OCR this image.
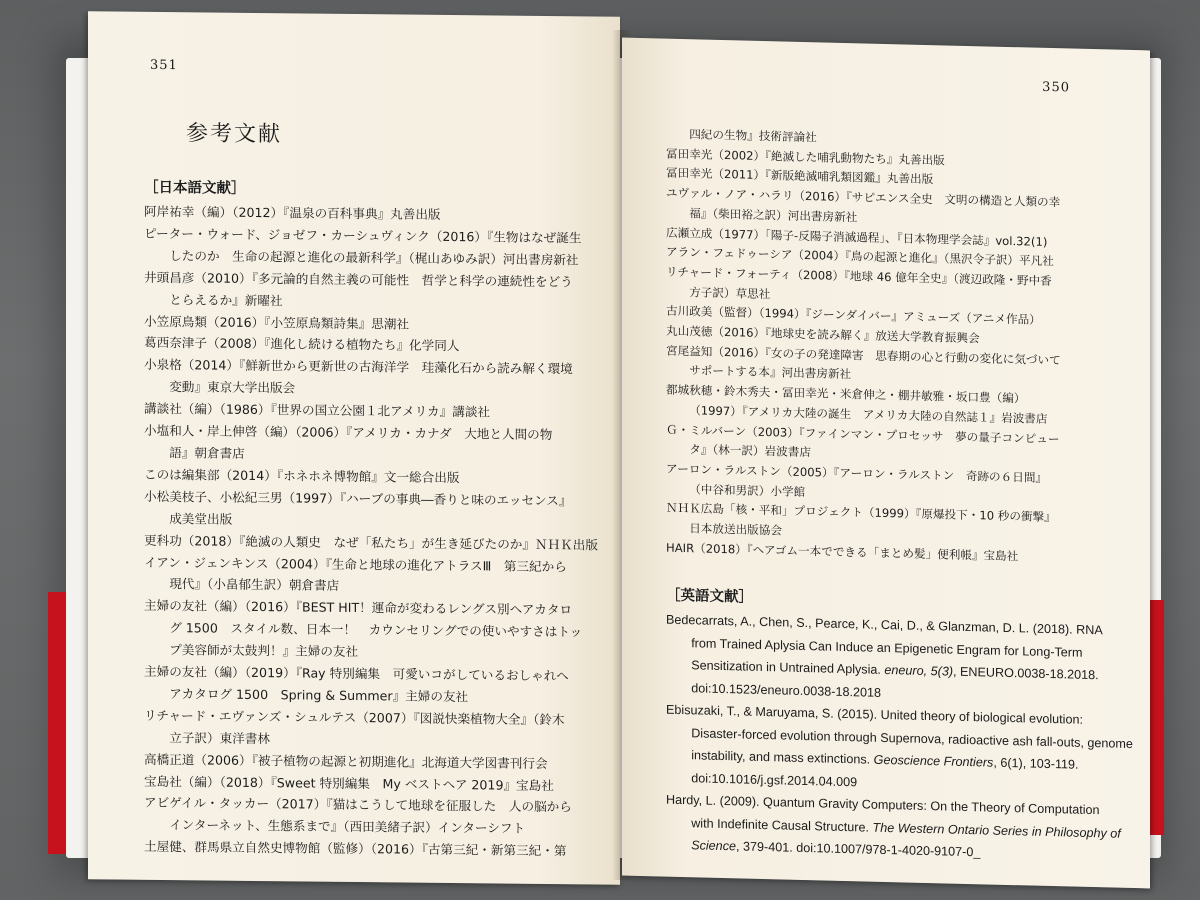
351
参考文献
［日本語文献］
阿岸祐幸（編）（2012）『温泉の百科事典』丸善出版
ピーター・ウォード、ジョゼフ・カーシュヴィンク（2016）『生物はなぜ誕生
したのか　生命の起源と進化の最新科学』（梶山あゆみ訳）河出書房新社
井頭昌彦（2010）『多元論的自然主義の可能性　哲学と科学の連続性をどう
とらえるか』新曜社
小笠原鳥類（2016）『小笠原鳥類詩集』思潮社
葛西奈津子（2008）『進化し続ける植物たち』化学同人
小泉格（2014）『鮮新世から更新世の古海洋学　珪藻化石から読み解く環境
変動』東京大学出版会
講談社（編）（1986）『世界の国立公園１北アメリカ』講談社
小塩和人・岸上伸啓（編）（2006）『アメリカ・カナダ　大地と人間の物
語』朝倉書店
このは編集部（2014）『ホネホネ博物館』文一総合出版
小松美枝子、小松紀三男（1997）『ハーブの事典―香りと味のエッセンス』
成美堂出版
更科功（2018）『絶滅の人類史　なぜ「私たち」が生き延びたのか』ＮＨＫ出版
イアン・ジェンキンス（2004）『生命と地球の進化アトラスⅢ　第三紀から
現代』（小畠郁生訳）朝倉書店
主婦の友社（編）（2016）『BEST HIT！運命が変わるレングス別ヘアカタロ
グ 1500　スタイル数、日本一！　カウンセリングでの使いやすさはトッ
プ美容師が太鼓判！』主婦の友社
主婦の友社（編）（2019）『Ray 特別編集　可愛いコがしているおしゃれヘ
アカタログ 1500　Spring & Summer』主婦の友社
リチャード・エヴァンズ・シュルテス（2007）『図説快楽植物大全』（鈴木
立子訳）東洋書林
高橋正道（2006）『被子植物の起源と初期進化』北海道大学図書刊行会
宝島社（編）（2018）『Sweet 特別編集　My ベストヘア 2019』宝島社
アビゲイル・タッカー（2017）『猫はこうして地球を征服した　人の脳から
インターネット、生態系まで』（西田美緒子訳）インターシフト
土屋健、群馬県立自然史博物館（監修）（2016）『古第三紀・新第三紀・第
350
四紀の生物』技術評論社
冨田幸光（2002）『絶滅した哺乳動物たち』丸善出版
冨田幸光（2011）『新版絶滅哺乳類図鑑』丸善出版
ユヴァル・ノア・ハラリ（2016）『サピエンス全史　文明の構造と人類の幸
福』（柴田裕之訳）河出書房新社
広瀬立成（1977）「陽子-反陽子消滅過程」、『日本物理学会誌』vol.32(1)
アラン・フェドゥーシア（2004）『鳥の起源と進化』（黒沢令子訳）平凡社
リチャード・フォーティ（2008）『地球 46 億年全史』（渡辺政隆・野中香
方子訳）草思社
古川政美（監督）（1994）『ジーンダイバー』アミューズ（アニメ作品）
丸山茂徳（2016）『地球史を読み解く』放送大学教育振興会
宮尾益知（2016）『女の子の発達障害　思春期の心と行動の変化に気づいて
サポートする本』河出書房新社
都城秋穂・鈴木秀夫・冨田幸光・米倉伸之・棚井敏雅・坂口豊（編）
（1997）『アメリカ大陸の誕生　アメリカ大陸の自然誌１』岩波書店
Ｇ・ミルバーン（2003）『ファインマン・プロセッサ　夢の量子コンピュー
タ』（林一訳）岩波書店
アーロン・ラルストン（2005）『アーロン・ラルストン　奇跡の６日間』
（中谷和男訳）小学館
ＮＨＫ広島「核・平和」プロジェクト（1999）『原爆投下・10 秒の衝撃』
日本放送出版協会
HAIR（2018）『ヘアゴム一本でできる「まとめ髪」便利帳』宝島社
［英語文献］
Bedecarrats, A., Chen, S., Pearce, K., Cai, D., & Glanzman, D. L. (2018). RNA
from Trained Aplysia Can Induce an Epigenetic Engram for Long-Term
Sensitization in Untrained Aplysia. eneuro, 5(3), ENEURO.0038-18.2018.
doi:10.1523/eneuro.0038-18.2018
Ebisuzaki, T., & Maruyama, S. (2015). United theory of biological evolution:
Disaster-forced evolution through Supernova, radioactive ash fall-outs, genome
instability, and mass extinctions. Geoscience Frontiers, 6(1), 103-119.
doi:10.1016/j.gsf.2014.04.009
Hardy, L. (2009). Quantum Gravity Computers: On the Theory of Computation
with Indefinite Causal Structure. The Western Ontario Series in Philosophy of
Science, 379-401. doi:10.1007/978-1-4020-9107-0_
